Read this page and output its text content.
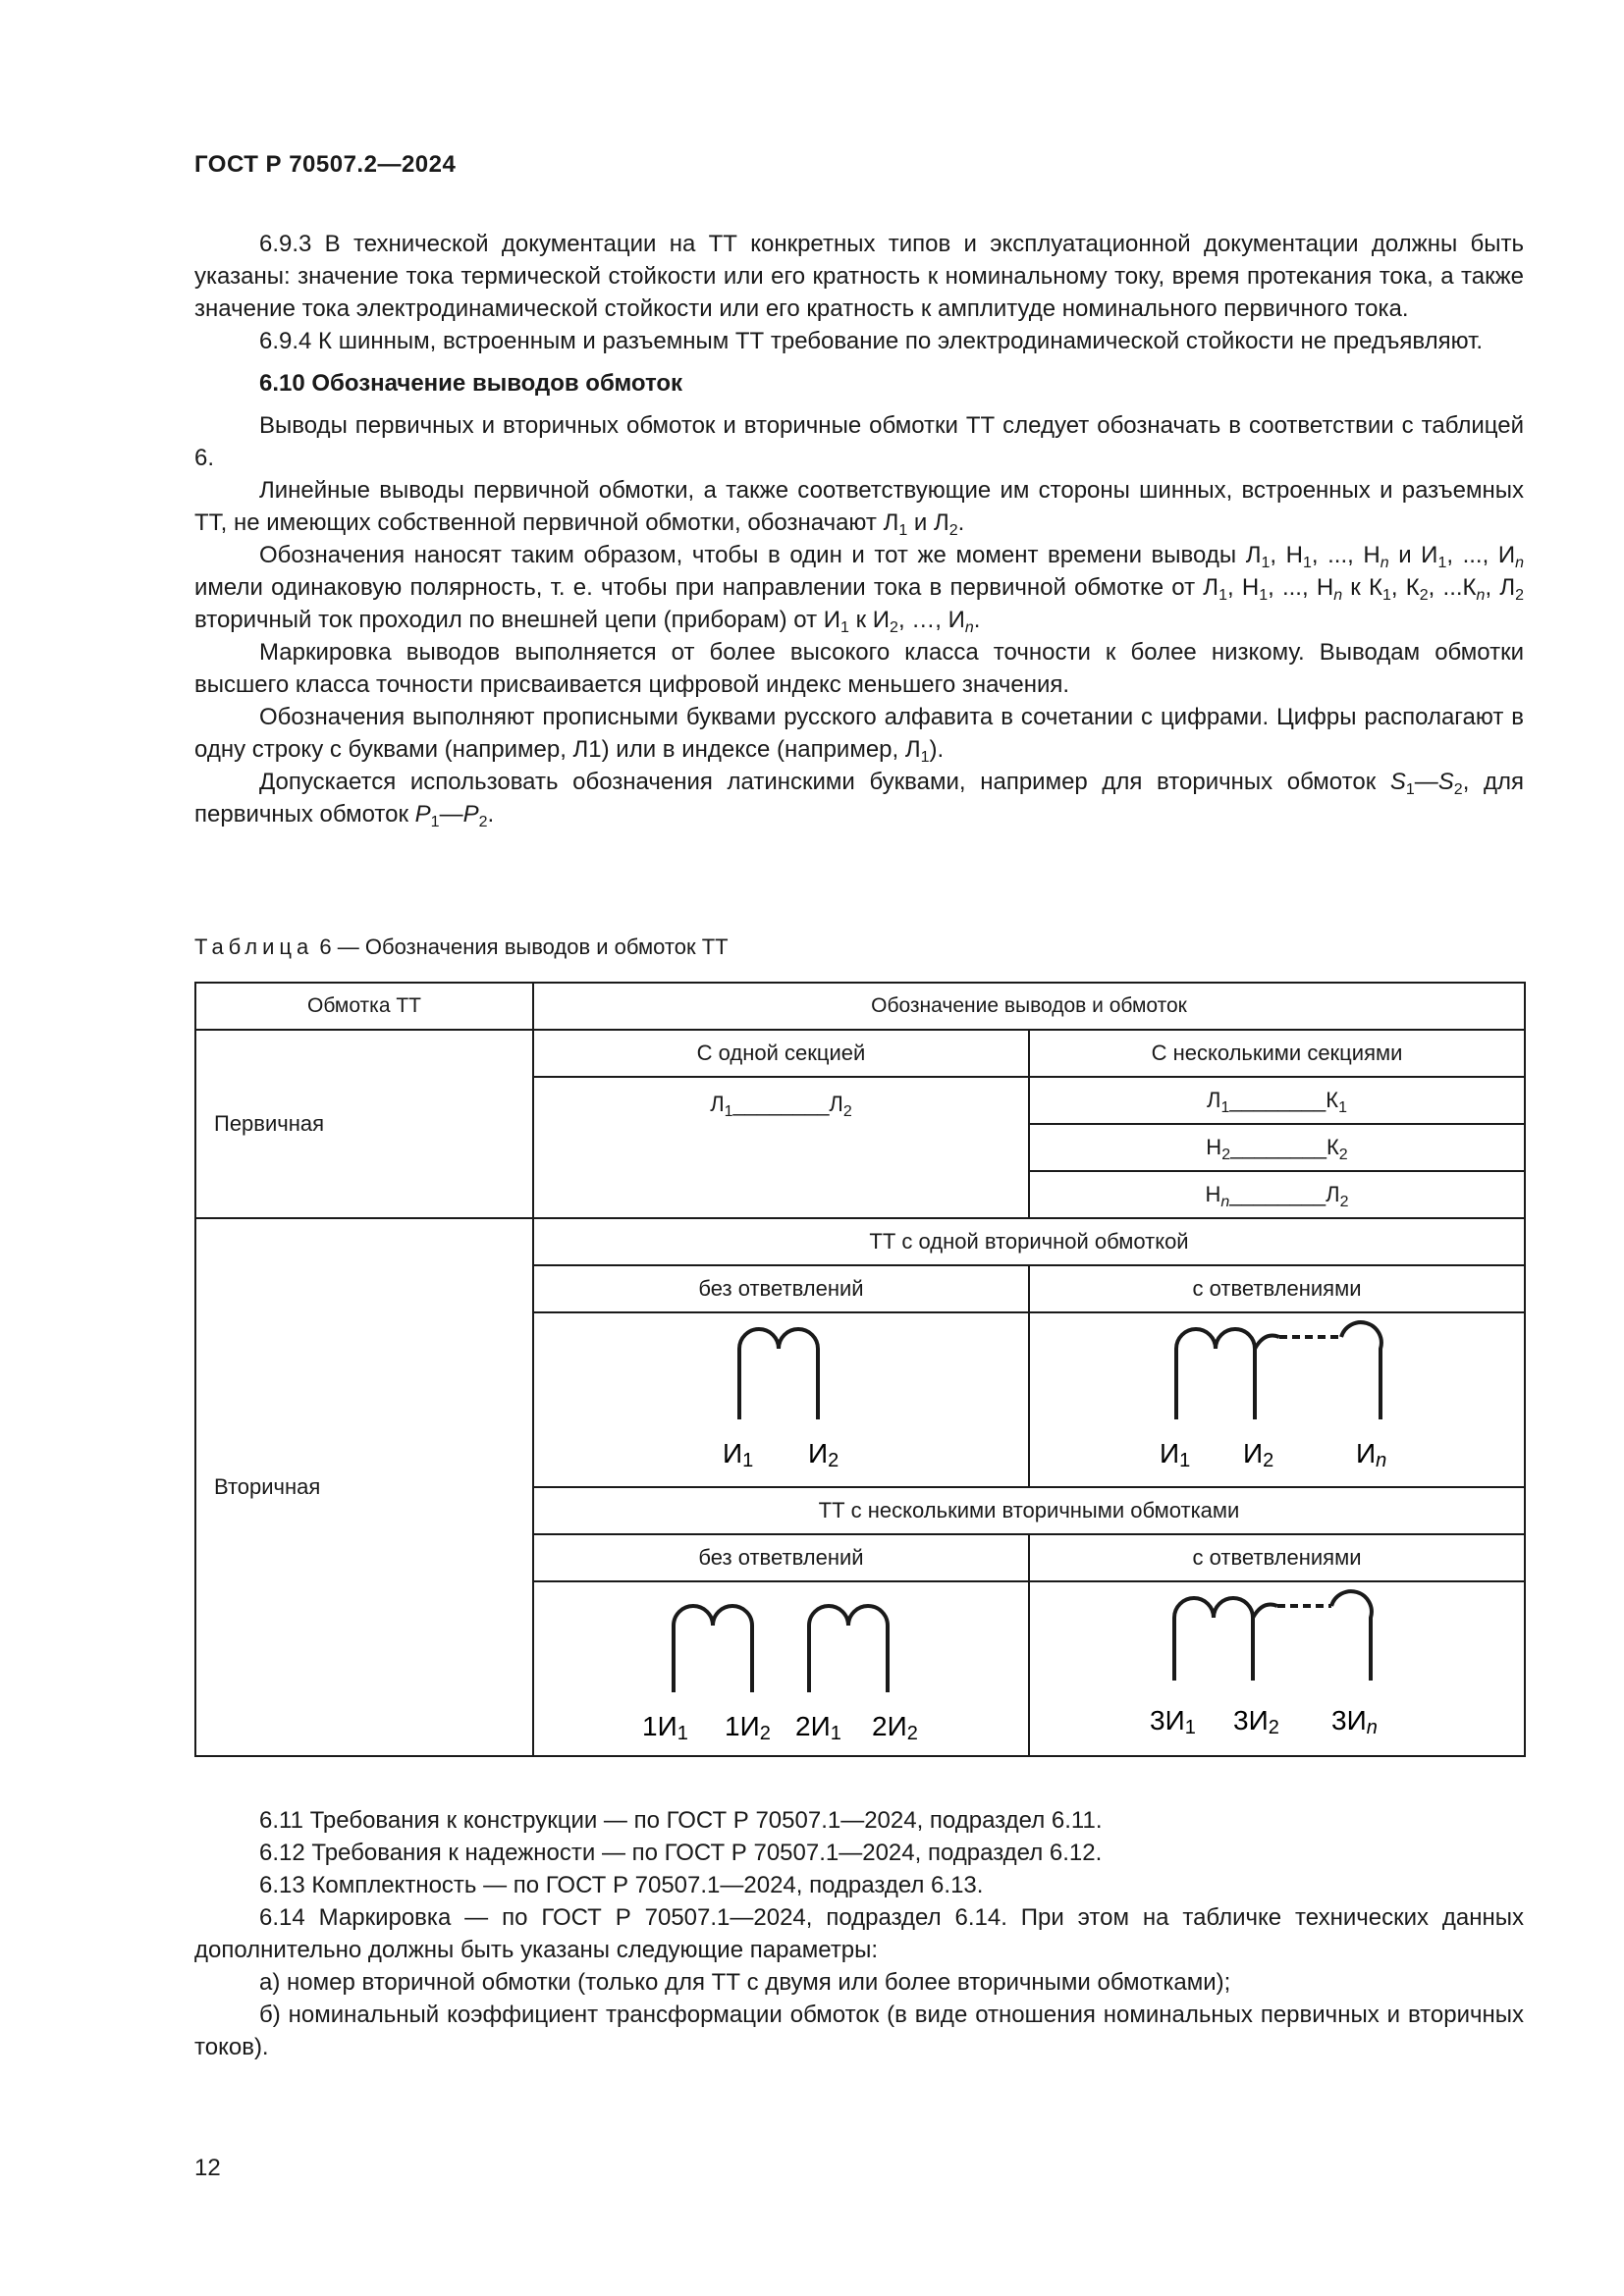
ГОСТ Р 70507.2—2024

6.9.3 В технической документации на ТТ конкретных типов и эксплуатационной документации должны быть указаны: значение тока термической стойкости или его кратность к номинальному току, время протекания тока, а также значение тока электродинамической стойкости или его кратность к амплитуде номинального первичного тока.

6.9.4 К шинным, встроенным и разъемным ТТ требование по электродинамической стойкости не предъявляют.

6.10 Обозначение выводов обмоток

Выводы первичных и вторичных обмоток и вторичные обмотки ТТ следует обозначать в соответствии с таблицей 6.

Линейные выводы первичной обмотки, а также соответствующие им стороны шинных, встроенных и разъемных ТТ, не имеющих собственной первичной обмотки, обозначают $Л_1$ и $Л_2$.

Обозначения наносят таким образом, чтобы в один и тот же момент времени выводы $Л_1$, $Н_1$, ..., $Н_n$ и $И_1$, ..., $И_n$ имели одинаковую полярность, т. е. чтобы при направлении тока в первичной обмотке от $Л_1$, $Н_1$, ..., $Н_n$ к $К_1$, $К_2$, $...К_n$, $Л_2$ вторичный ток проходил по внешней цепи (приборам) от $И_1$ к $И_2$, …, $И_n$.

Маркировка выводов выполняется от более высокого класса точности к более низкому. Выводам обмотки высшего класса точности присваивается цифровой индекс меньшего значения.

Обозначения выполняют прописными буквами русского алфавита в сочетании с цифрами. Цифры располагают в одну строку с буквами (например, Л1) или в индексе (например, $Л_1$).

Допускается использовать обозначения латинскими буквами, например для вторичных обмоток $S_1—S_2$, для первичных обмоток $P_1—P_2$.

Таблица 6 — Обозначения выводов и обмоток ТТ
Обмотка ТТ	Обозначение выводов и обмоток	
Первичная	С одной секцией	С несколькими секциями
	$Л_1\_\_\_\_\_\_\_\_Л_2$	$Л_1\_\_\_\_\_\_\_\_К_1$
		$Н_2\_\_\_\_\_\_\_\_К_2$
		$Н_n\_\_\_\_\_\_\_\_Л_2$
Вторичная	ТТ с одной вторичной обмоткой	
	без ответвлений	с ответвлениями

И1 И2	И1 И2 Иn

	ТТ с несколькими вторичными обмотками	
	без ответвлений	с ответвлениями

1И1 1И2 2И1 2И2	3И1 3И2 3Иn

6.11 Требования к конструкции — по ГОСТ Р 70507.1—2024, подраздел 6.11.

6.12 Требования к надежности — по ГОСТ Р 70507.1—2024, подраздел 6.12.

6.13 Комплектность — по ГОСТ Р 70507.1—2024, подраздел 6.13.

6.14 Маркировка — по ГОСТ Р 70507.1—2024, подраздел 6.14. При этом на табличке технических данных дополнительно должны быть указаны следующие параметры:

а) номер вторичной обмотки (только для ТТ с двумя или более вторичными обмотками);

б) номинальный коэффициент трансформации обмоток (в виде отношения номинальных первичных и вторичных токов).

12
